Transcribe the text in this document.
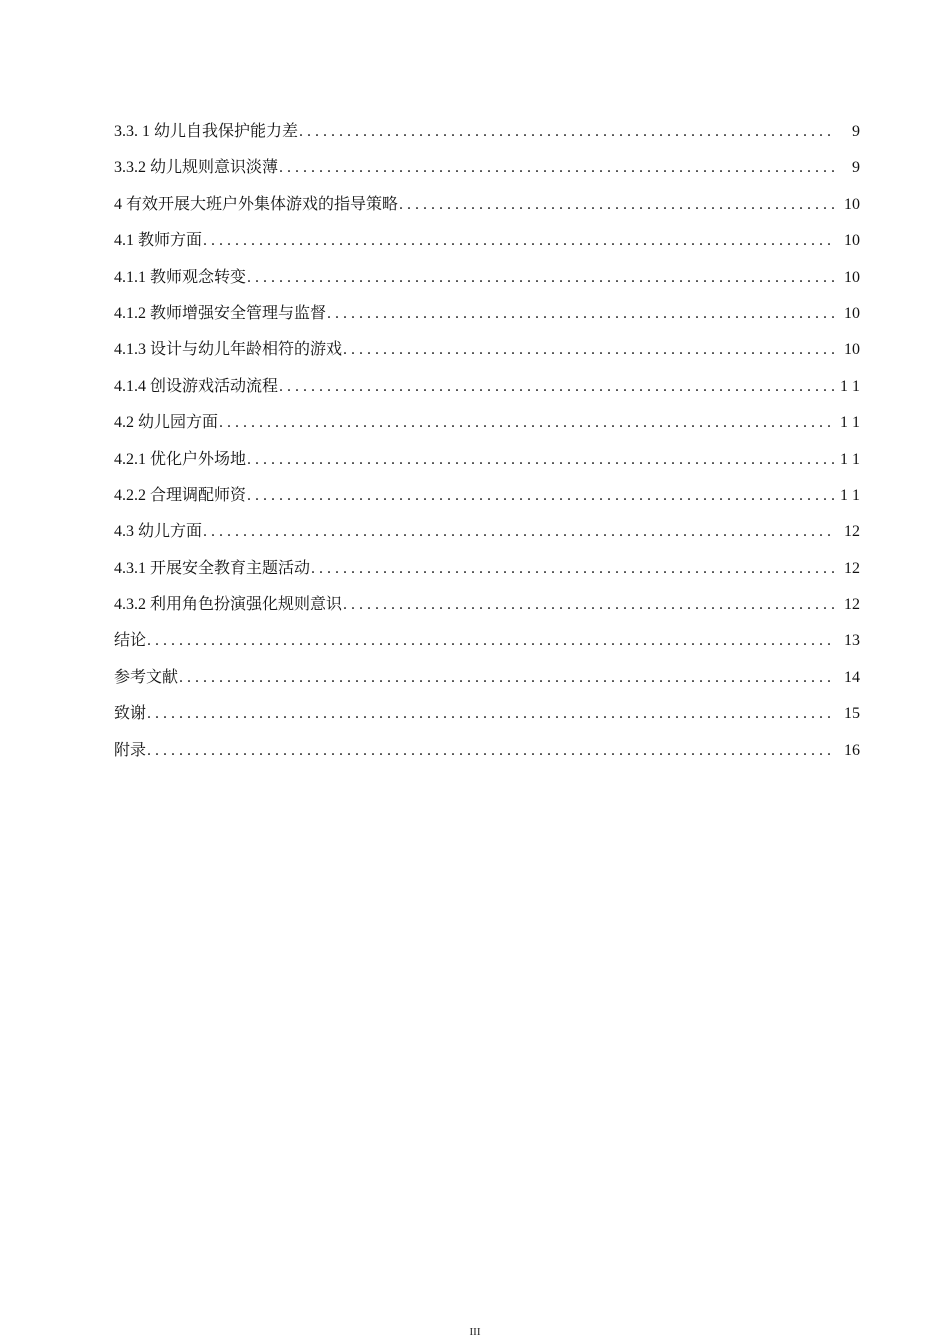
3.3. 1 幼儿自我保护能力差 . . .	9
3.3.2 幼儿规则意识淡薄 . . .	9
4 有效开展大班户外集体游戏的指导策略 . . .	10
4.1 教师方面 . . .	10
4.1.1 教师观念转变 . . .	10
4.1.2 教师增强安全管理与监督 . . .	10
4.1.3 设计与幼儿年龄相符的游戏 . . .	10
4.1.4 创设游戏活动流程 . . .	1 1
4.2 幼儿园方面 . . .	1 1
4.2.1 优化户外场地 . . .	1 1
4.2.2 合理调配师资 . . .	1 1
4.3 幼儿方面 . . .	12
4.3.1 开展安全教育主题活动 . . .	12
4.3.2 利用角色扮演强化规则意识 . . .	12
结论 . . .	13
参考文献 . . .	14
致谢 . . .	15
附录 . . .	16
III
